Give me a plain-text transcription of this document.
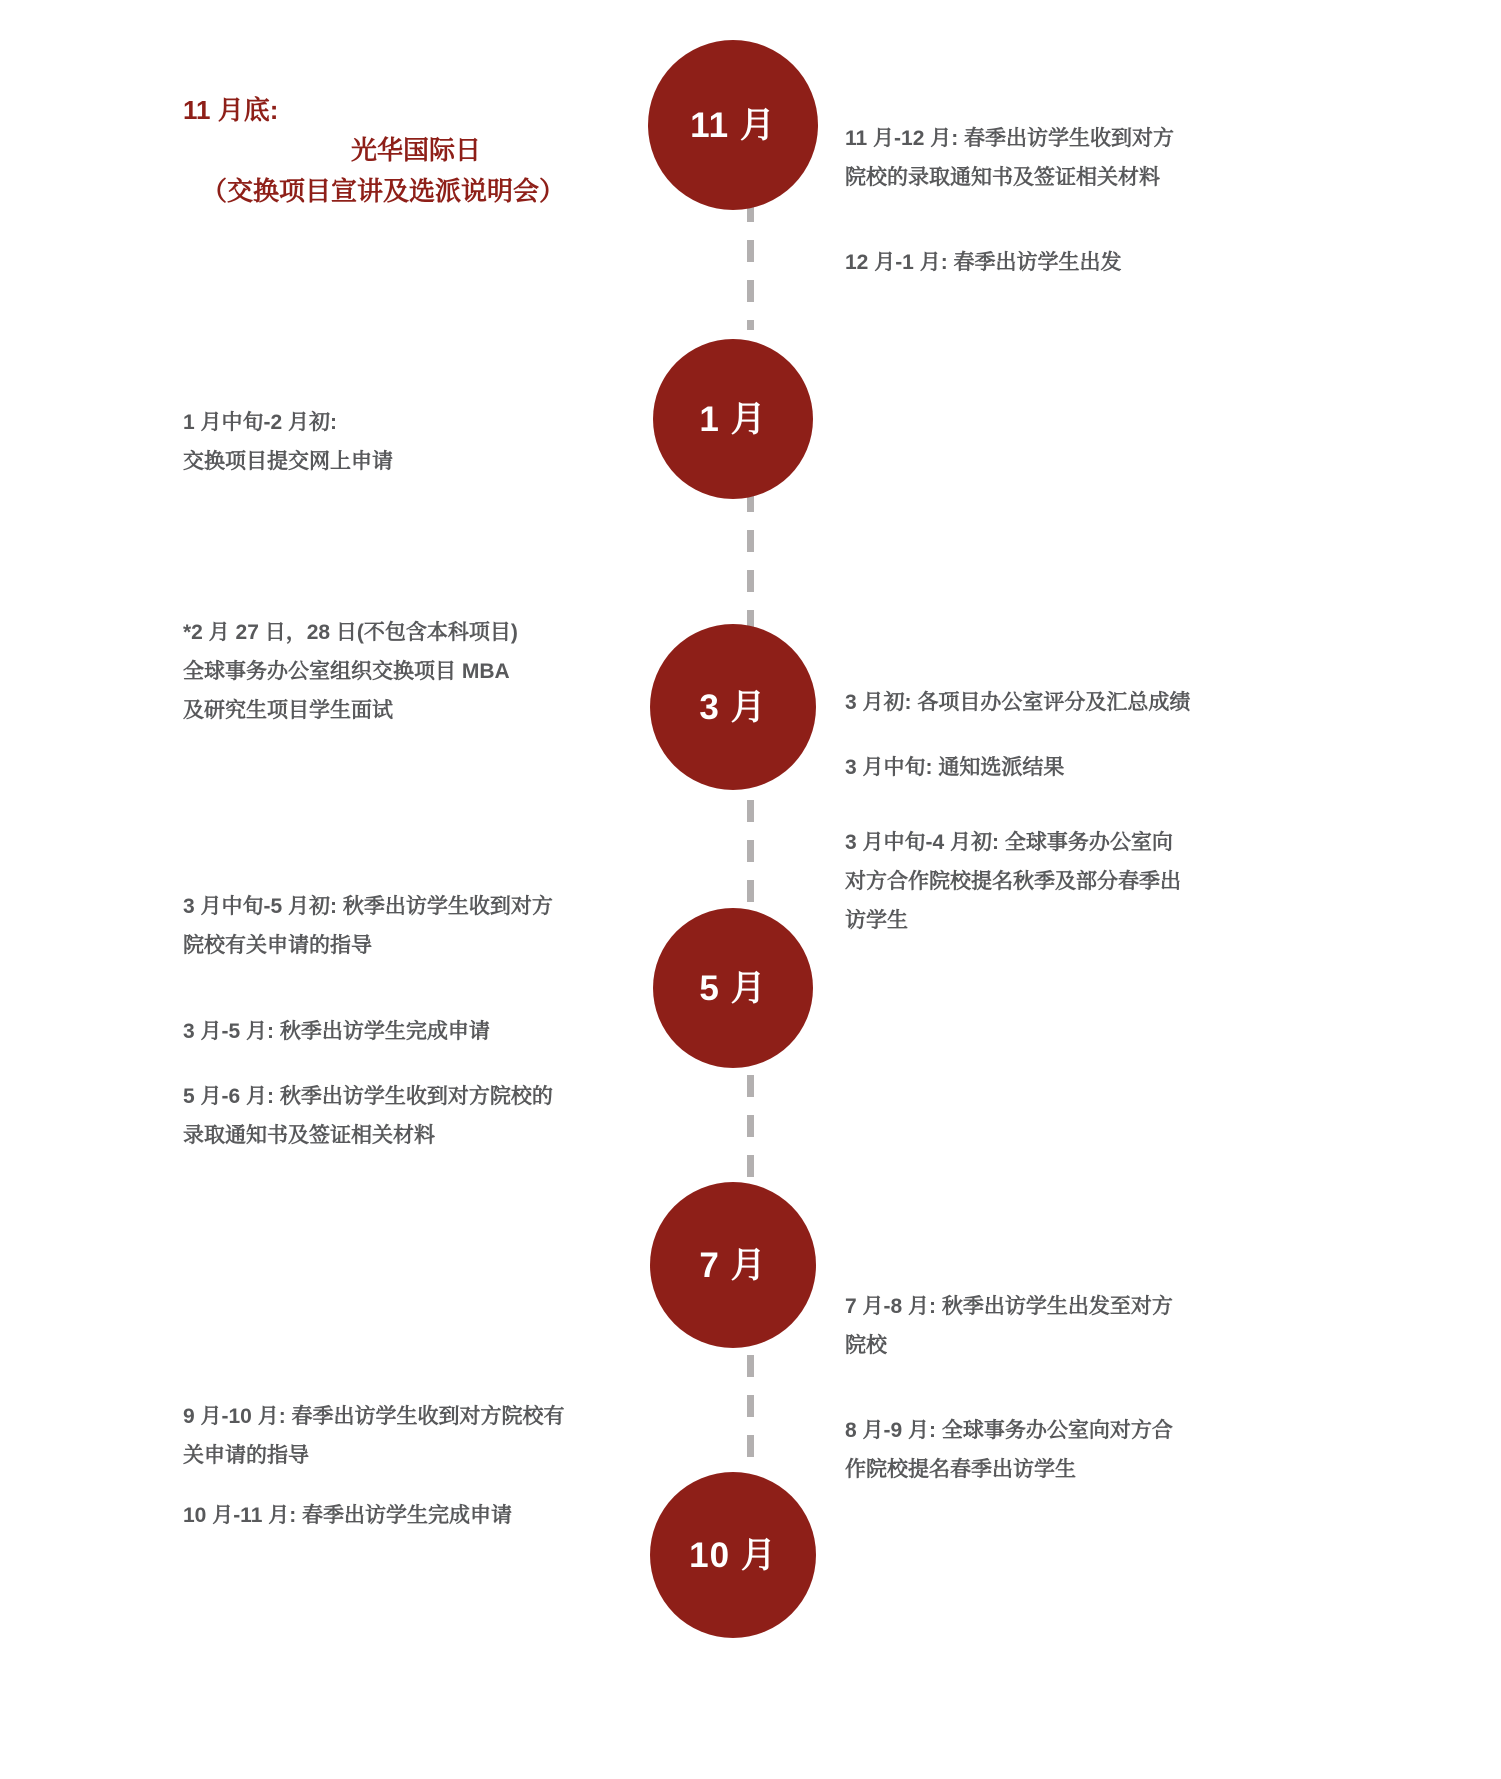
11 月
1 月
3 月
5 月
7 月
10 月
11 月底:
光华国际日
（交换项目宣讲及选派说明会）
11 月-12 月: 春季出访学生收到对方
院校的录取通知书及签证相关材料
12 月-1 月: 春季出访学生出发
1 月中旬-2 月初:
交换项目提交网上申请
*2 月 27 日，28 日(不包含本科项目)
全球事务办公室组织交换项目 MBA
及研究生项目学生面试	3 月初: 各项目办公室评分及汇总成绩
3 月中旬: 通知选派结果
3 月中旬-4 月初: 全球事务办公室向
对方合作院校提名秋季及部分春季出
访学生
3 月中旬-5 月初: 秋季出访学生收到对方
院校有关申请的指导
3 月-5 月: 秋季出访学生完成申请
5 月-6 月: 秋季出访学生收到对方院校的
录取通知书及签证相关材料
7 月-8 月: 秋季出访学生出发至对方
院校
8 月-9 月: 全球事务办公室向对方合
作院校提名春季出访学生
9 月-10 月: 春季出访学生收到对方院校有
关申请的指导
10 月-11 月: 春季出访学生完成申请
